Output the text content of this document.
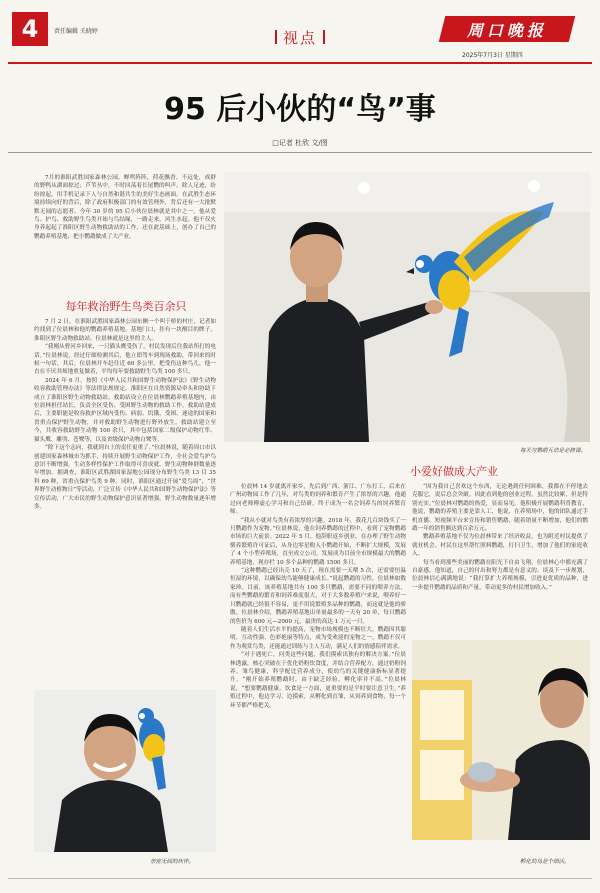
4	责任编辑 关晓婷	视点	周口晚报
2025年7月3日 星期四
95 后小伙的“鸟”事
□记者 杜欣 文/图

7月的淮阳武胜国家森林公园，蝉鸣阵阵，荷花飘香。不远处，成群的野鸭从湖面掠过；芦苇丛中，不时回荡着长尾鹦的叫声。除人足迹，纷纷掠起，用手机记录下人与自然和谐共生的美好生态画面。在武胜生态环境持续向好的背后，除了政府积极部门的有效管理外，背后还有一大批默默无闻的志愿者。今年 30 岁的 95 后小伙位晨林就是其中之一。他从爱鸟、护鸟、救助野生鸟类开始与鸟结缘，一路走来，风生水起。他不仅火身养起起了淮阳区野生动物救助站的工作，还在此基础上，创办了自己的鹦鹉养殖基地，把小鹦鹉做成了大产业。

每天与鹦鹉互动是必修课。
每年救治野生鸟类百余只

7 月 2 日，在淮阳武胜国家森林公园东侧一个叫于桥的村庄，记者如约找到了位晨林和他的鹦鹉养殖基地。基地门口，挂有一块醒目的牌子，淮阳区野生动物救助站。位晨林就是这里的主人。

“我刚从曹河乡回来，一只猫头鹰受伤了，村民发现后往我站所打的电话。”位晨林说，经过仔细检测其后，他立即驾车到现场救助，带回来的时候一句话，其后，位晨林开车赶往近 60 多公里，把受伤这种鸟儿，他一直在不厌其烦地重复做着，平均每年要救助野生鸟类 100 多只。

2024 年 6 月，按照《中华人民共和国野生动物保护法》《野生动物收容救助管理办法》等法律法规规定，淮阳区在自然资源局牵头和协助下成立了淮阳区野生动物救助站。救助站设立在位晨林鹦鹉养殖基地内，由位晨林担任站长，负责全区受伤、受困野生动物的救助工作。救助站建成后，主要职能是收容救护区域内受伤、病弱、饥饿、受困、迷途的国家和省重点保护野生动物，并对救助野生动物进行野外放生。救助站建立至今，共收容救助野生动物 100 余只，其中包括国家二级保护动物红隼、猫头鹰、雕鸮、苍鹭等，以及省级保护动物白鹭等。

“除下这个志向，我就到自上的责任更重了。”位晨林说，随着周口市以创建国家森林城市为抓手，持续开展野生动物保护工作，全社会爱鸟护鸟意识不断增强。生动多样性保护工作取得可喜成就，野生动物种群数量逐年增加。据调查，淮阳区武胜湖国家湿地公园现分布野生鸟类 13 目 35 科 69 种，省重点保护鸟类 9 种。同时，淮阳区通过开展“爱鸟周”、“世界野生动植物日”等活动，广泛宣传《中华人民共和国野生动物保护法》等宣传活动，广大市民的野生动物保护意识显著增强，野生动物数量逐年增多。

亲密无间的伙伴。
小爱好做成大产业

位晨林 14 岁就离开家乡，先后到广西、浙江、广东打工，后来在广州动物园工作了几年，对鸟类的饲养和繁育产生了浓厚的兴趣，他通过向老师傅虚心学习和自己钻研，终于成为一名会饲养鸟的饲养繁育师。

“我从小就对鸟类有着浓厚的兴趣。2018 年，我花几百块钱买了一只鹦鹉作为宠物。”位晨林说，他在饲养鹦鹉的过程中，看到了宠物鹦鹉市场的巨大前景。2022 年 5 月，他辞职返乡创业，在办理了野生动物驯养繁殖许可证后，从身边零星购入小鹦鹉开始，不断扩大规模，发展了 4 个小型养殖场，直至成立公司。发展成为目前全市规模最大的鹦鹉养殖基地，现存栏 10 多个品种的鹦鹉 1500 多只。

“这种鹦鹉已经出壳 10 天了，现在需要一天喂 5 次，还需要恒温恒湿的环境，以确保幼鸟能够健康成长。”说起鹦鹉的习性，位晨林如数家珍。目前，该养殖基地共有 100 多只鹦鹉，需要不同的喂养方法，而有些鹦鹉的繁育和饲养难度很大，对于大多数养殖户来说，喂养好一只鹦鹉就已经很不容易，更不用说繁殖多品种的鹦鹉，而这就是他的骄傲。位晨林介绍，鹦鹉养殖基地出单量最多的一天有 20 单，每只鹦鹉的售价为 600 元—2000 元，最贵的高达 1 万元一只。

随着人们生活水平的提高，宠物市场规模也不断壮大。鹦鹉因其聪明、互动性强、色彩艳丽等特点，成为受欢迎的宠物之一。鹦鹉不仅可作为观赏鸟类，还能通过训练与主人互动，满足人们的情感陪伴需求。

“对于遇死亡，问类这些问题，我们摸索出独有的解决方案。”位晨林透露，核心突破在于优化奶粉饮食度，并结合营养配方，通过奶粉饲养，雏鸟健康，科学配比营养成分，使幼鸟的关键健康指标显著提升。“刚开始养殖鹦鹉时，由于缺乏经验，孵化率并不高。”位晨林说，“想要鹦鹉健康，饮食是一方面，更重要的是平时要注意卫生。”养殖过程中，他边学习、边摸索，从孵化到育雏，从饲养到食物，每一个环节都严格把关。

“因为我自己喜欢这个东西，无论遇到任何困难，我都在不停地去克服它，说后总会突破。因此看到他的创业过程，虽然比较累，但是特别充实。”位晨林对鹦鹉的热爱，显而易见。他积极开展鹦鹉科普教育，他说，鹦鹉的养殖主要是靠人工，他说，在养殖场中，他的团队通过手机直播、短视频平台来宣传和销售鹦鹉，随着销量不断增加，他们的鹦鹉一年的销售额达到百余万元。

鹦鹉养殖基地不仅为位晨林带来了经济收益，也为附近村民提供了就业机会。村民在这里帮忙照料鹦鹉，打扫卫生，增加了他们的家庭收入。

每当看到那些美丽的鹦鹉在阳光下自由飞翔，位晨林心中都充满了自豪感。他知道，自己的付出和努力都是有意义的。谈及下一步规划，位晨林信心满满地说：“我打算扩大养殖规模，引进更优质的品种，进一步提升鹦鹉的品质和产量，带动更多的村民增加收入。”

孵化幼鸟是个细活。
